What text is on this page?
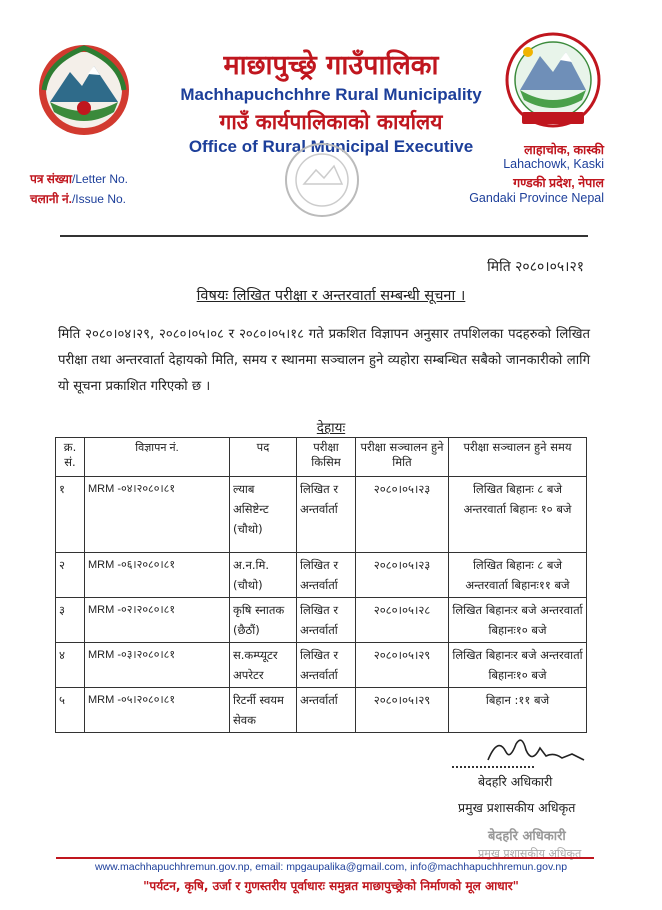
माछापुच्छ्रे गाउँपालिका
Machhapuchchhre Rural Municipality
गाउँ कार्यपालिकाको कार्यालय
Office of Rural Municipal Executive	लाहाचोक, कास्की
Lahachowk, Kaski
गण्डकी प्रदेश, नेपाल
Gandaki Province Nepal
पत्र संख्या/Letter No.
चलानी नं./Issue No.
मिति २०८०।०५।२१
विषयः लिखित परीक्षा र अन्तरवार्ता सम्बन्धी सूचना ।
मिति २०८०।०४।२९, २०८०।०५।०८ र २०८०।०५।१८ गते प्रकशित विज्ञापन अनुसार तपशिलका पदहरुको लिखित परीक्षा तथा अन्तरवार्ता देहायको मिति, समय र स्थानमा सञ्चालन हुने व्यहोरा सम्बन्धित सबैको जानकारीको लागि यो सूचना प्रकाशित गरिएको छ ।
देहायः
क्र. सं.	विज्ञापन नं.	पद	परीक्षा किसिम	परीक्षा सञ्चालन हुने मिति	परीक्षा सञ्चालन हुने समय
१	MRM -०४।२०८०।८१	ल्याब असिष्टेन्ट (चौथो)	लिखित र अन्तर्वार्ता	२०८०।०५।२३	लिखित बिहानः ८ बजे अन्तरवार्ता बिहानः १० बजे
२	MRM -०६।२०८०।८१	अ.न.मि. (चौथो)	लिखित र अन्तर्वार्ता	२०८०।०५।२३	लिखित बिहानः ८ बजे अन्तरवार्ता बिहानः११ बजे
३	MRM -०२।२०८०।८१	कृषि स्नातक (छैठौं)	लिखित र अन्तर्वार्ता	२०८०।०५।२८	लिखित बिहानःर बजे अन्तरवार्ता बिहानः१० बजे
४	MRM -०३।२०८०।८१	स.कम्प्यूटर अपरेटर	लिखित र अन्तर्वार्ता	२०८०।०५।२९	लिखित बिहानःर बजे अन्तरवार्ता बिहानः१० बजे
५	MRM -०५।२०८०।८१	रिटर्नी स्वयम सेवक	अन्तर्वार्ता	२०८०।०५।२९	बिहान :११ बजे
बेदहरि अधिकारी
प्रमुख प्रशासकीय अधिकृत
बेदहरि अधिकारी
प्रमुख प्रशासकीय अधिकृत
www.machhapuchhremun.gov.np, email: mpgaupalika@gmail.com, info@machhapuchhremun.gov.np
"पर्यटन, कृषि, उर्जा र गुणस्तरीय पूर्वाधारः समुन्नत माछापुच्छ्रेको निर्माणको मूल आधार"
